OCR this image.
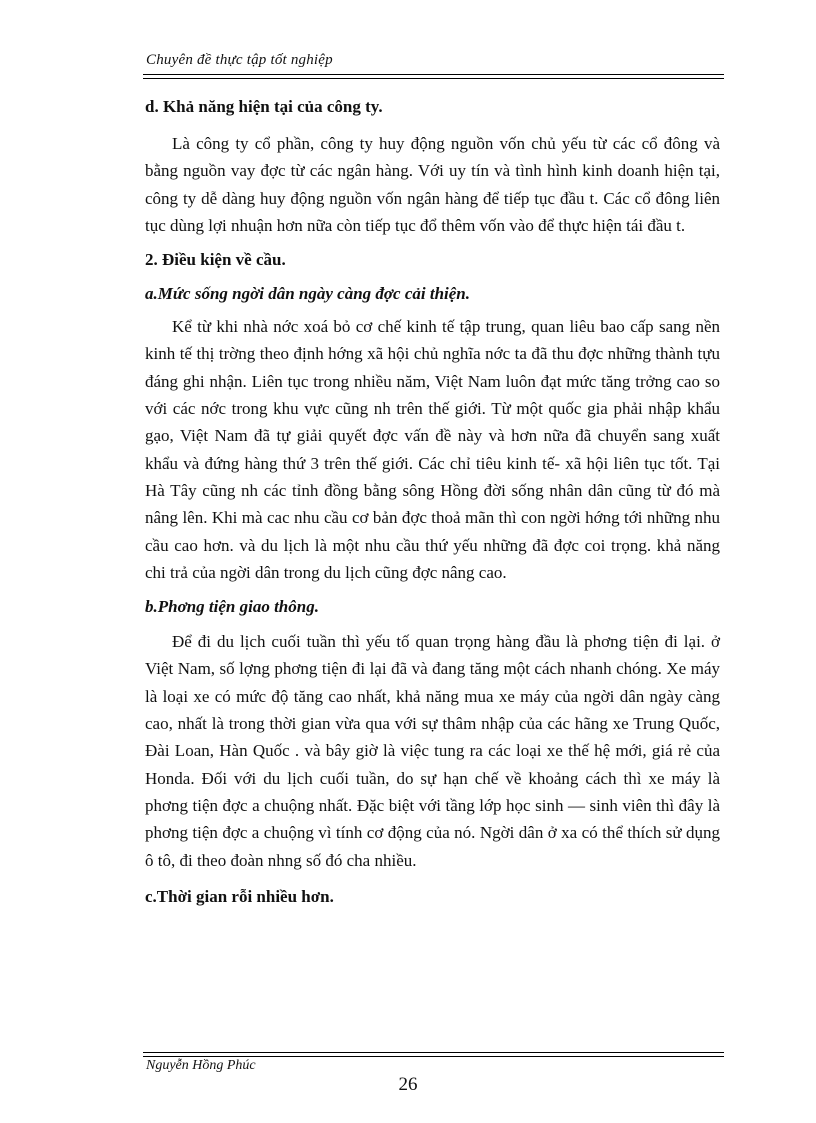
Chuyên đề thực tập tốt nghiệp

d. Khả năng hiện tại của công ty.

Là công ty cổ phần, công ty huy động nguồn vốn chủ yếu từ các cổ đông và bằng nguồn vay đợc từ các ngân hàng. Với uy tín và tình hình kinh doanh hiện tại, công ty dễ dàng huy động nguồn vốn ngân hàng để tiếp tục đầu t. Các cổ đông liên tục dùng lợi nhuận hơn nữa còn tiếp tục đổ thêm vốn vào để thực hiện tái đầu t.

2. Điều kiện về cầu.

a.Mức sống ngời dân ngày càng đợc cải thiện.

Kể từ khi nhà nớc xoá bỏ cơ chế kinh tế tập trung, quan liêu bao cấp sang nền kinh tế thị trờng theo định hớng xã hội chủ nghĩa nớc ta đã thu đợc những thành tựu đáng ghi nhận. Liên tục trong nhiều năm, Việt Nam luôn đạt mức tăng trởng cao so với các nớc trong khu vực cũng nh trên thế giới. Từ một quốc gia phải nhập khẩu gạo, Việt Nam đã tự giải quyết đợc vấn đề này và hơn nữa đã chuyển sang xuất khẩu và đứng hàng thứ 3 trên thế giới. Các chỉ tiêu kinh tế- xã hội liên tục tốt. Tại Hà Tây cũng nh các tỉnh đồng bằng sông Hồng đời sống nhân dân cũng từ đó mà nâng lên. Khi mà cac nhu cầu cơ bản đợc thoả mãn thì con ngời hớng tới những nhu cầu cao hơn. và du lịch là một nhu cầu thứ yếu những đã đợc coi trọng. khả năng chi trả của ngời dân trong du lịch cũng đợc nâng cao.

b.Phơng tiện giao thông.

Để đi du lịch cuối tuần thì yếu tố quan trọng hàng đầu là phơng tiện đi lại. ở Việt Nam, số lợng phơng tiện đi lại đã và đang tăng một cách nhanh chóng. Xe máy là loại xe có mức độ tăng cao nhất, khả năng mua xe máy của ngời dân ngày càng cao, nhất là trong thời gian vừa qua với sự thâm nhập của các hãng xe Trung Quốc, Đài Loan, Hàn Quốc . và bây giờ là việc tung ra các loại xe thế hệ mới, giá rẻ của Honda. Đối với du lịch cuối tuần, do sự hạn chế về khoảng cách thì xe máy là phơng tiện đợc a chuộng nhất. Đặc biệt với tầng lớp học sinh — sinh viên thì đây là phơng tiện đợc a chuộng vì tính cơ động của nó. Ngời dân ở xa có thể thích sử dụng ô tô, đi theo đoàn nhng số đó cha nhiều.

c.Thời gian rỗi nhiều hơn.

Nguyễn Hồng Phúc
26
